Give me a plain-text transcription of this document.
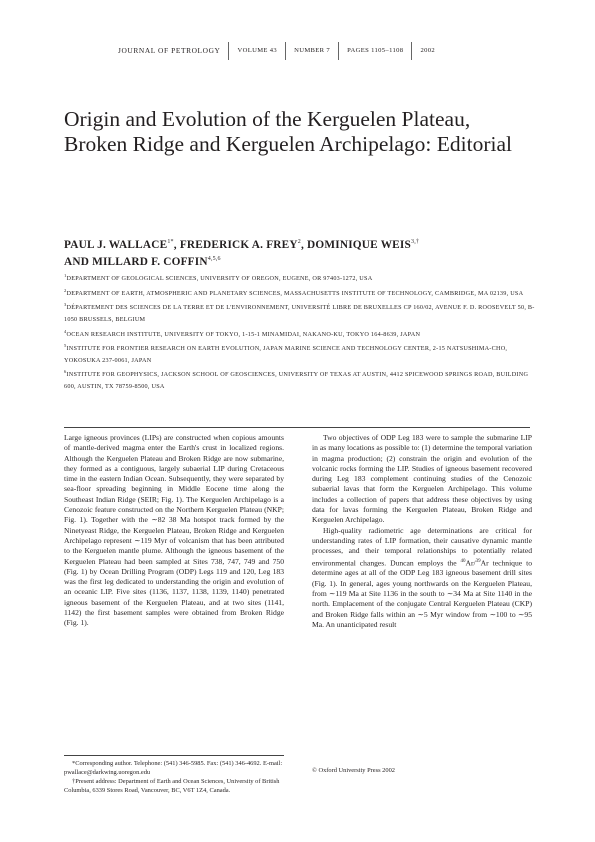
JOURNAL OF PETROLOGY	VOLUME 43	NUMBER 7	PAGES 1105–1108	2002
Origin and Evolution of the Kerguelen Plateau, Broken Ridge and Kerguelen Archipelago: Editorial
PAUL J. $WALLACE^{1*}$, FREDERICK A. FREY$^2$, DOMINIQUE $WEIS^{3,\dagger}$
AND MILLARD F. COFFIN$^{4,5,6}$

$^1$DEPARTMENT OF GEOLOGICAL SCIENCES, UNIVERSITY OF OREGON, EUGENE, OR 97403-1272, USA

$^2$DEPARTMENT OF EARTH, ATMOSPHERIC AND PLANETARY SCIENCES, MASSACHUSETTS INSTITUTE OF TECHNOLOGY, CAMBRIDGE, MA 02139, USA

$^3$DÉPARTEMENT DES SCIENCES DE LA TERRE ET DE L'ENVIRONNEMENT, UNIVERSITÉ LIBRE DE BRUXELLES CP 160/02, AVENUE F. D. ROOSEVELT 50, B-1050 BRUSSELS, BELGIUM

$^4$OCEAN RESEARCH INSTITUTE, UNIVERSITY OF TOKYO, 1-15-1 MINAMIDAI, NAKANO-KU, TOKYO 164-8639, JAPAN

$^5$INSTITUTE FOR FRONTIER RESEARCH ON EARTH EVOLUTION, JAPAN MARINE SCIENCE AND TECHNOLOGY CENTER, 2-15 NATSUSHIMA-CHO, YOKOSUKA 237-0061, JAPAN

$^6$INSTITUTE FOR GEOPHYSICS, JACKSON SCHOOL OF GEOSCIENCES, UNIVERSITY OF TEXAS AT AUSTIN, 4412 SPICEWOOD SPRINGS ROAD, BUILDING 600, AUSTIN, TX 78759-8500, USA

Large igneous provinces (LIPs) are constructed when copious amounts of mantle-derived magma enter the Earth's crust in localized regions. Although the Kerguelen Plateau and Broken Ridge are now submarine, they formed as a contiguous, largely subaerial LIP during Cretaceous time in the eastern Indian Ocean. Subsequently, they were separated by sea-floor spreading beginning in Middle Eocene time along the Southeast Indian Ridge (SEIR; Fig. 1). The Kerguelen Archipelago is a Cenozoic feature constructed on the Northern Kerguelen Plateau (NKP; Fig. 1). Together with the ∼82 38 Ma hotspot track formed by the Ninetyeast Ridge, the Kerguelen Plateau, Broken Ridge and Kerguelen Archipelago represent ∼119 Myr of volcanism that has been attributed to the Kerguelen mantle plume. Although the igneous basement of the Kerguelen Plateau had been sampled at Sites 738, 747, 749 and 750 (Fig. 1) by Ocean Drilling Program (ODP) Legs 119 and 120, Leg 183 was the first leg dedicated to understanding the origin and evolution of an oceanic LIP. Five sites (1136, 1137, 1138, 1139, 1140) penetrated igneous basement of the Kerguelen Plateau, and at two sites (1141, 1142) the first basement samples were obtained from Broken Ridge (Fig. 1).

Two objectives of ODP Leg 183 were to sample the submarine LIP in as many locations as possible to: (1) determine the temporal variation in magma production; (2) constrain the origin and evolution of the volcanic rocks forming the LIP. Studies of igneous basement recovered during Leg 183 complement continuing studies of the Cenozoic subaerial lavas that form the Kerguelen Archipelago. This volume includes a collection of papers that address these objectives by using data for lavas forming the Kerguelen Plateau, Broken Ridge and Kerguelen Archipelago.

High-quality radiometric age determinations are critical for understanding rates of LIP formation, their causative dynamic mantle processes, and their temporal relationships to potentially related environmental changes. Duncan employs the $^{40}$Ar/$^{39}$Ar technique to determine ages at all of the ODP Leg 183 igneous basement drill sites (Fig. 1). In general, ages young northwards on the Kerguelen Plateau, from ∼119 Ma at Site 1136 in the south to ∼34 Ma at Site 1140 in the north. Emplacement of the conjugate Central Kerguelen Plateau (CKP) and Broken Ridge falls within an ∼5 Myr window from ∼100 to ∼95 Ma. An unanticipated result

*Corresponding author. Telephone: (541) 346-5985. Fax: (541) 346-4692. E-mail: pwallace@darkwing.uoregon.edu

†Present address: Department of Earth and Ocean Sciences, University of British Columbia, 6339 Stores Road, Vancouver, BC, V6T 1Z4, Canada.

© Oxford University Press 2002
